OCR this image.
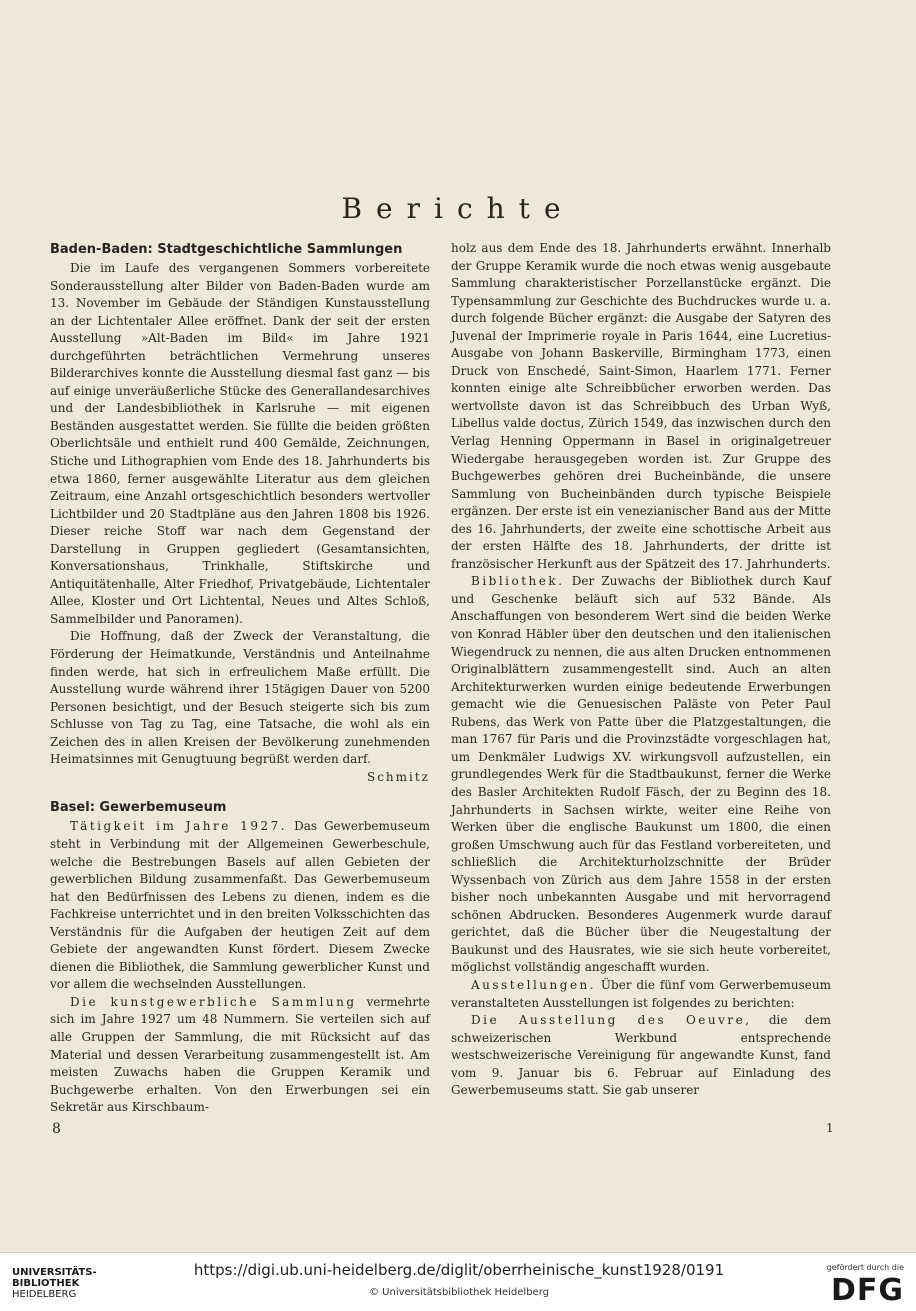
Berichte
Baden-Baden: Stadtgeschichtliche Sammlungen

Die im Laufe des vergangenen Sommers vorbereitete Sonderausstellung alter Bilder von Baden-Baden wurde am 13. November im Gebäude der Ständigen Kunstausstellung an der Lichtentaler Allee eröffnet. Dank der seit der ersten Ausstellung »Alt-Baden im Bild« im Jahre 1921 durchgeführten beträchtlichen Vermehrung unseres Bilderarchives konnte die Ausstellung diesmal fast ganz — bis auf einige unveräußerliche Stücke des Generallandesarchives und der Landesbibliothek in Karlsruhe — mit eigenen Beständen ausgestattet werden. Sie füllte die beiden größten Oberlichtsäle und enthielt rund 400 Gemälde, Zeichnungen, Stiche und Lithographien vom Ende des 18. Jahrhunderts bis etwa 1860, ferner ausgewählte Literatur aus dem gleichen Zeitraum, eine Anzahl ortsgeschichtlich besonders wertvoller Lichtbilder und 20 Stadtpläne aus den Jahren 1808 bis 1926. Dieser reiche Stoff war nach dem Gegenstand der Darstellung in Gruppen gegliedert (Gesamtansichten, Konversationshaus, Trinkhalle, Stiftskirche und Antiquitätenhalle, Alter Friedhof, Privatgebäude, Lichtentaler Allee, Kloster und Ort Lichtental, Neues und Altes Schloß, Sammelbilder und Panoramen).

Die Hoffnung, daß der Zweck der Veranstaltung, die Förderung der Heimatkunde, Verständnis und Anteilnahme finden werde, hat sich in erfreulichem Maße erfüllt. Die Ausstellung wurde während ihrer 15tägigen Dauer von 5200 Personen besichtigt, und der Besuch steigerte sich bis zum Schlusse von Tag zu Tag, eine Tatsache, die wohl als ein Zeichen des in allen Kreisen der Bevölkerung zunehmenden Heimatsinnes mit Genugtuung begrüßt werden darf.

Schmitz

Basel: Gewerbemuseum

Tätigkeit im Jahre 1927. Das Gewerbemuseum steht in Verbindung mit der Allgemeinen Gewerbeschule, welche die Bestrebungen Basels auf allen Gebieten der gewerblichen Bildung zusammenfaßt. Das Gewerbemuseum hat den Bedürfnissen des Lebens zu dienen, indem es die Fachkreise unterrichtet und in den breiten Volksschichten das Verständnis für die Aufgaben der heutigen Zeit auf dem Gebiete der angewandten Kunst fördert. Diesem Zwecke dienen die Bibliothek, die Sammlung gewerblicher Kunst und vor allem die wechselnden Ausstellungen.

Die kunstgewerbliche Sammlung vermehrte sich im Jahre 1927 um 48 Nummern. Sie verteilen sich auf alle Gruppen der Sammlung, die mit Rücksicht auf das Material und dessen Verarbeitung zusammengestellt ist. Am meisten Zuwachs haben die Gruppen Keramik und Buchgewerbe erhalten. Von den Erwerbungen sei ein Sekretär aus Kirschbaum-

holz aus dem Ende des 18. Jahrhunderts erwähnt. Innerhalb der Gruppe Keramik wurde die noch etwas wenig ausgebaute Sammlung charakteristischer Porzellanstücke ergänzt. Die Typensammlung zur Geschichte des Buchdruckes wurde u. a. durch folgende Bücher ergänzt: die Ausgabe der Satyren des Juvenal der Imprimerie royale in Paris 1644, eine Lucretius-Ausgabe von Johann Baskerville, Birmingham 1773, einen Druck von Enschedé, Saint-Simon, Haarlem 1771. Ferner konnten einige alte Schreibbücher erworben werden. Das wertvollste davon ist das Schreibbuch des Urban Wyß, Libellus valde doctus, Zürich 1549, das inzwischen durch den Verlag Henning Oppermann in Basel in originalgetreuer Wiedergabe herausgegeben worden ist. Zur Gruppe des Buchgewerbes gehören drei Bucheinbände, die unsere Sammlung von Bucheinbänden durch typische Beispiele ergänzen. Der erste ist ein venezianischer Band aus der Mitte des 16. Jahrhunderts, der zweite eine schottische Arbeit aus der ersten Hälfte des 18. Jahrhunderts, der dritte ist französischer Herkunft aus der Spätzeit des 17. Jahrhunderts.

Bibliothek. Der Zuwachs der Bibliothek durch Kauf und Geschenke beläuft sich auf 532 Bände. Als Anschaffungen von besonderem Wert sind die beiden Werke von Konrad Häbler über den deutschen und den italienischen Wiegendruck zu nennen, die aus alten Drucken entnommenen Originalblättern zusammengestellt sind. Auch an alten Architekturwerken wurden einige bedeutende Erwerbungen gemacht wie die Genuesischen Paläste von Peter Paul Rubens, das Werk von Patte über die Platzgestaltungen, die man 1767 für Paris und die Provinzstädte vorgeschlagen hat, um Denkmäler Ludwigs XV. wirkungsvoll aufzustellen, ein grundlegendes Werk für die Stadtbaukunst, ferner die Werke des Basler Architekten Rudolf Fäsch, der zu Beginn des 18. Jahrhunderts in Sachsen wirkte, weiter eine Reihe von Werken über die englische Baukunst um 1800, die einen großen Umschwung auch für das Festland vorbereiteten, und schließlich die Architekturholzschnitte der Brüder Wyssenbach von Zürich aus dem Jahre 1558 in der ersten bisher noch unbekannten Ausgabe und mit hervorragend schönen Abdrucken. Besonderes Augenmerk wurde darauf gerichtet, daß die Bücher über die Neugestaltung der Baukunst und des Hausrates, wie sie sich heute vorbereitet, möglichst vollständig angeschafft wurden.

Ausstellungen. Über die fünf vom Gerwerbemuseum veranstalteten Ausstellungen ist folgendes zu berichten:

Die Ausstellung des Oeuvre, die dem schweizerischen Werkbund entsprechende westschweizerische Vereinigung für angewandte Kunst, fand vom 9. Januar bis 6. Februar auf Einladung des Gewerbemuseums statt. Sie gab unserer

8	1
UNIVERSITÄTS-
BIBLIOTHEK
HEIDELBERG
https://digi.ub.uni-heidelberg.de/diglit/oberrheinische_kunst1928/0191
© Universitätsbibliothek Heidelberg
gefördert durch die
DFG
